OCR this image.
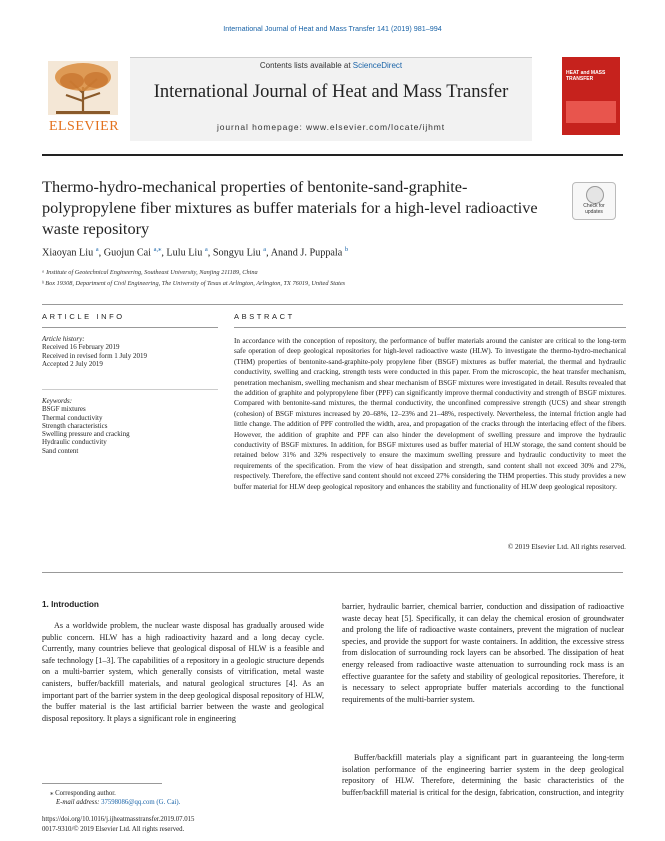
International Journal of Heat and Mass Transfer 141 (2019) 981–994
ELSEVIER
Contents lists available at ScienceDirect
International Journal of Heat and Mass Transfer
journal homepage: www.elsevier.com/locate/ijhmt
HEAT and MASS TRANSFER
Thermo-hydro-mechanical properties of bentonite-sand-graphite-polypropylene fiber mixtures as buffer materials for a high-level radioactive waste repository
Check for
updates
Xiaoyan Liu $^a$, Guojun Cai $^{a,⁎}$, Lulu Liu $^a$, Songyu Liu $^a$, Anand J. Puppala $^b$
ᵃ Institute of Geotechnical Engineering, Southeast University, Nanjing 211189, China
ᵇ Box 19308, Department of Civil Engineering, The University of Texas at Arlington, Arlington, TX 76019, United States
ARTICLE INFO
Article history:
Received 16 February 2019
Received in revised form 1 July 2019
Accepted 2 July 2019
Keywords:
BSGF mixtures
Thermal conductivity
Strength characteristics
Swelling pressure and cracking
Hydraulic conductivity
Sand content
ABSTRACT
In accordance with the conception of repository, the performance of buffer materials around the canister are critical to the long-term safe operation of deep geological repositories for high-level radioactive waste (HLW). To investigate the thermo-hydro-mechanical (THM) properties of bentonite-sand-graphite-poly propylene fiber (BSGF) mixtures as buffer material, the thermal and hydraulic conductivity, swelling and cracking, strength tests were conducted in this paper. From the microscopic, the heat transfer mechanism, penetration mechanism, swelling mechanism and shear mechanism of BSGF mixtures were investigated in detail. Results revealed that the addition of graphite and polypropylene fiber (PPF) can significantly improve thermal conductivity and strength of BSGF mixtures. Compared with bentonite-sand mixtures, the thermal conductivity, the unconfined compressive strength (UCS) and shear strength (cohesion) of BSGF mixtures increased by 20–68%, 12–23% and 21–48%, respectively. Nevertheless, the internal friction angle had little change. The addition of PPF controlled the width, area, and propagation of the cracks through the interlacing effect of the fibers. However, the addition of graphite and PPF can also hinder the development of swelling pressure and improve the hydraulic conductivity of BSGF mixtures. In addition, for BSGF mixtures used as buffer material of HLW storage, the sand content should be retained below 31% and 32% respectively to ensure the maximum swelling pressure and hydraulic conductivity to meet the requirements of the specification. From the view of heat dissipation and strength, sand content shall not exceed 30% and 27%, respectively. Therefore, the effective sand content should not exceed 27% considering the THM properties. This study provides a new buffer material for HLW deep geological repository and enhances the stability and functionality of HLW deep geological repository.
© 2019 Elsevier Ltd. All rights reserved.
1. Introduction
As a worldwide problem, the nuclear waste disposal has gradually aroused wide public concern. HLW has a high radioactivity hazard and a long decay cycle. Currently, many countries believe that geological disposal of HLW is a feasible and safe technology [1–3]. The capabilities of a repository in a geologic structure depends on a multi-barrier system, which generally consists of vitrification, metal waste canisters, buffer/backfill materials, and natural geological structures [4]. As an important part of the barrier system in the deep geological disposal repository of HLW, the buffer material is the last artificial barrier between the waste and geological disposal repository. It plays a significant role in engineering
barrier, hydraulic barrier, chemical barrier, conduction and dissipation of radioactive waste decay heat [5]. Specifically, it can delay the chemical erosion of groundwater and prolong the life of radioactive waste containers, prevent the migration of nuclear species, and provide the support for waste containers. In addition, the excessive stress from dislocation of surrounding rock layers can be absorbed. The dissipation of heat energy released from radioactive waste attenuation to surrounding rock mass is an effective guarantee for the safety and stability of geological repositories. Therefore, it is necessary to select appropriate buffer materials according to the functional requirements of the multi-barrier system.
Buffer/backfill materials play a significant part in guaranteeing the long-term isolation performance of the engineering barrier system in the deep geological repository of HLW. Therefore, determining the basic characteristics of the buffer/backfill material is critical for the design, fabrication, construction, and integrity
⁎ Corresponding author.
E-mail address: 37598086@qq.com (G. Cai).
https://doi.org/10.1016/j.ijheatmasstransfer.2019.07.015
0017-9310/© 2019 Elsevier Ltd. All rights reserved.
